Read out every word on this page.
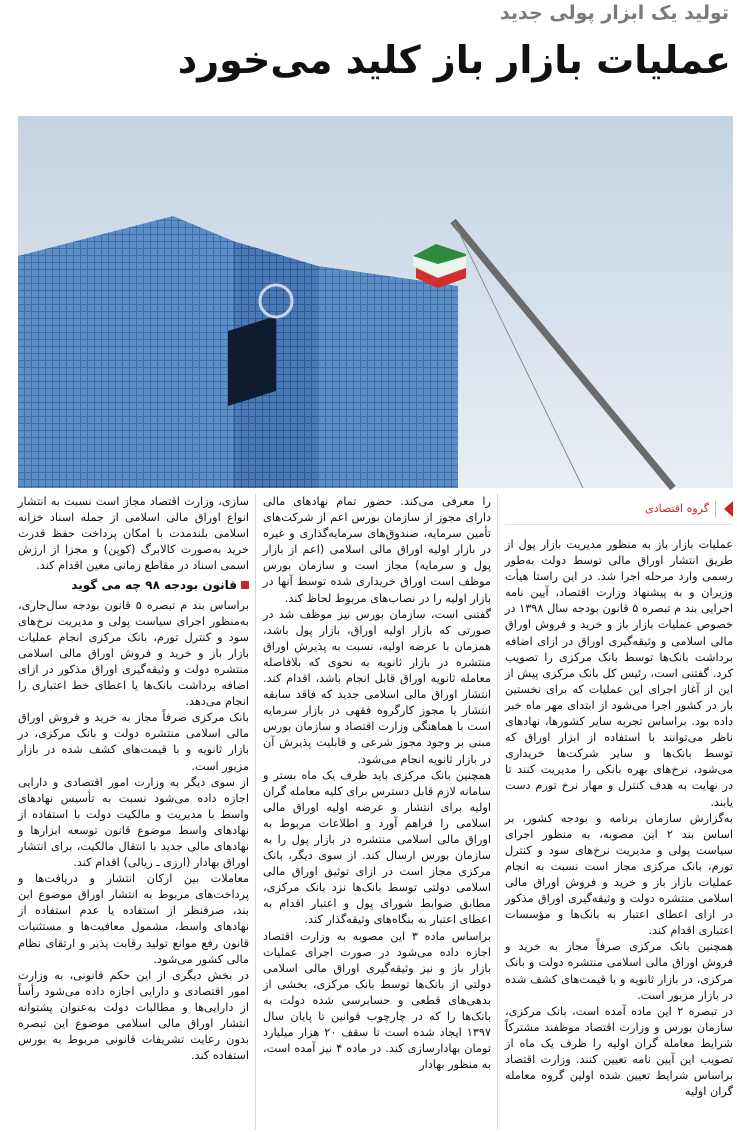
تولید یک ابزار پولی جدید
عملیات بازار باز کلید می‌خورد
ایسنا
گروه اقتصادی

عملیات بازار باز به منظور مدیریت بازار پول از طریق انتشار اوراق مالی توسط دولت به‌طور رسمی وارد مرحله اجرا شد. در این راستا هیأت وزیران و به پیشنهاد وزارت اقتصاد، آیین نامه اجرایی بند م تبصره ۵ قانون بودجه سال ۱۳۹۸ در خصوص عملیات بازار باز و خرید و فروش اوراق مالی اسلامی و وثیقه‌گیری اوراق در ازای اضافه برداشت بانک‌ها توسط بانک مرکزی را تصویب کرد. گفتنی است، رئیس کل بانک مرکزی پیش از این از آغاز اجرای این عملیات که برای نخستین بار در کشور اجرا می‌شود از ابتدای مهر ماه خبر داده بود. براساس تجربه سایر کشورها، نهادهای ناظر می‌توانند با استفاده از ابزار اوراق که توسط بانک‌ها و سایر شرکت‌ها خریداری می‌شود، نرخ‌های بهره بانکی را مدیریت کنند تا در نهایت به هدف کنترل و مهار نرخ تورم دست یابند.

به‌گزارش سازمان برنامه و بودجه کشور، بر اساس بند ۲ این مصوبه، به منظور اجرای سیاست پولی و مدیریت نرخ‌های سود و کنترل تورم، بانک مرکزی مجاز است نسبت به انجام عملیات بازار باز و خرید و فروش اوراق مالی اسلامی منتشره دولت و وثیقه‌گیری اوراق مذکور در ازای اعطای اعتبار به بانک‌ها و مؤسسات اعتباری اقدام کند.

همچنین بانک مرکزی صرفاً مجاز به خرید و فروش اوراق مالی اسلامی منتشره دولت و بانک مرکزی، در بازار ثانویه و با قیمت‌های کشف شده در بازار مزبور است.

در تبصره ۲ این ماده آمده است، بانک مرکزی، سازمان بورس و وزارت اقتصاد موظفند مشترکاً شرایط معامله گران اولیه را ظرف یک ماه از تصویب این آیین نامه تعیین کنند. وزارت اقتصاد براساس شرایط تعیین شده اولین گروه معامله گران اولیه

را معرفی می‌کند. حضور تمام نهادهای مالی دارای مجوز از سازمان بورس اعم از شرکت‌های تأمین سرمایه، صندوق‌های سرمایه‌گذاری و غیره در بازار اولیه اوراق مالی اسلامی (اعم از بازار پول و سرمایه) مجاز است و سازمان بورس موظف است اوراق خریداری شده توسط آنها در بازار اولیه را در نصاب‌های مربوط لحاظ کند.

گفتنی است، سازمان بورس نیز موظف شد در صورتی که بازار اولیه اوراق، بازار پول باشد، همزمان با عرضه اولیه، نسبت به پذیرش اوراق منتشره در بازار ثانویه به نحوی که بلافاصله معامله ثانویه اوراق قابل انجام باشد، اقدام کند. انتشار اوراق مالی اسلامی جدید که فاقد سابقه انتشار یا مجوز کارگروه فقهی در بازار سرمایه است با هماهنگی وزارت اقتصاد و سازمان بورس مبنی بر وجود مجوز شرعی و قابلیت پذیرش آن در بازار ثانویه انجام می‌شود.

همچنین بانک مرکزی باید ظرف یک ماه بستر و سامانه لازم قابل دسترس برای کلیه معامله گران اولیه برای انتشار و عرضه اولیه اوراق مالی اسلامی را فراهم آورد و اطلاعات مربوط به اوراق مالی اسلامی منتشره در بازار پول را به سازمان بورس ارسال کند. از سوی دیگر، بانک مرکزی مجاز است در ازای توثیق اوراق مالی اسلامی دولتی توسط بانک‌ها نزد بانک مرکزی، مطابق ضوابط شورای پول و اعتبار اقدام به اعطای اعتبار به بنگاه‌های وثیقه‌گذار کند.

براساس ماده ۳ این مصوبه به وزارت اقتصاد اجازه داده می‌شود در صورت اجرای عملیات بازار باز و نیز وثیقه‌گیری اوراق مالی اسلامی دولتی از بانک‌ها توسط بانک مرکزی، بخشی از بدهی‌های قطعی و حسابرسی شده دولت به بانک‌ها را که در چارچوب قوانین تا پایان سال ۱۳۹۷ ایجاد شده است تا سقف ۲۰ هزار میلیارد تومان بهادارسازی کند. در ماده ۴ نیز آمده است، به منظور بهادار

سازی، وزارت اقتصاد مجاز است نسبت به انتشار انواع اوراق مالی اسلامی از جمله اسناد خزانه اسلامی بلندمدت با امکان پرداخت حفظ قدرت خرید به‌صورت کالابرگ (کوپن) و مجزا از ارزش اسمی اسناد در مقاطع زمانی معین اقدام کند.

قانون بودجه ۹۸ چه می گوید

براساس بند م تبصره ۵ قانون بودجه سال‌جاری، به‌منظور اجرای سیاست پولی و مدیریت نرخ‌های سود و کنترل تورم، بانک مرکزی انجام عملیات بازار باز و خرید و فروش اوراق مالی اسلامی منتشره دولت و وثیقه‌گیری اوراق مذکور در ازای اضافه برداشت بانک‌ها یا اعطای خط اعتباری را انجام می‌دهد.

بانک مرکزی صرفاً مجاز به خرید و فروش اوراق مالی اسلامی منتشره دولت و بانک مرکزی، در بازار ثانویه و با قیمت‌های کشف شده در بازار مزبور است.

از سوی دیگر به وزارت امور اقتصادی و دارایی اجازه داده می‌شود نسبت به تأسیس نهادهای واسط با مدیریت و مالکیت دولت با استفاده از نهادهای واسط موضوع قانون توسعه ابزارها و نهادهای مالی جدید با انتقال مالکیت، برای انتشار اوراق بهادار (ارزی ـ ریالی) اقدام کند.

معاملات بین ارکان انتشار و دریافت‌ها و پرداخت‌های مربوط به انتشار اوراق موضوع این بند، صرفنظر از استفاده یا عدم استفاده از نهادهای واسط، مشمول معافیت‌ها و مستثنیات قانون رفع موانع تولید رقابت پذیر و ارتقای نظام مالی کشور می‌شود.

در بخش دیگری از این حکم قانونی، به وزارت امور اقتصادی و دارایی اجازه داده می‌شود رأساً از دارایی‌ها و مطالبات دولت به‌عنوان پشتوانه انتشار اوراق مالی اسلامی موضوع این تبصره بدون رعایت تشریفات قانونی مربوط به بورس استفاده کند.
